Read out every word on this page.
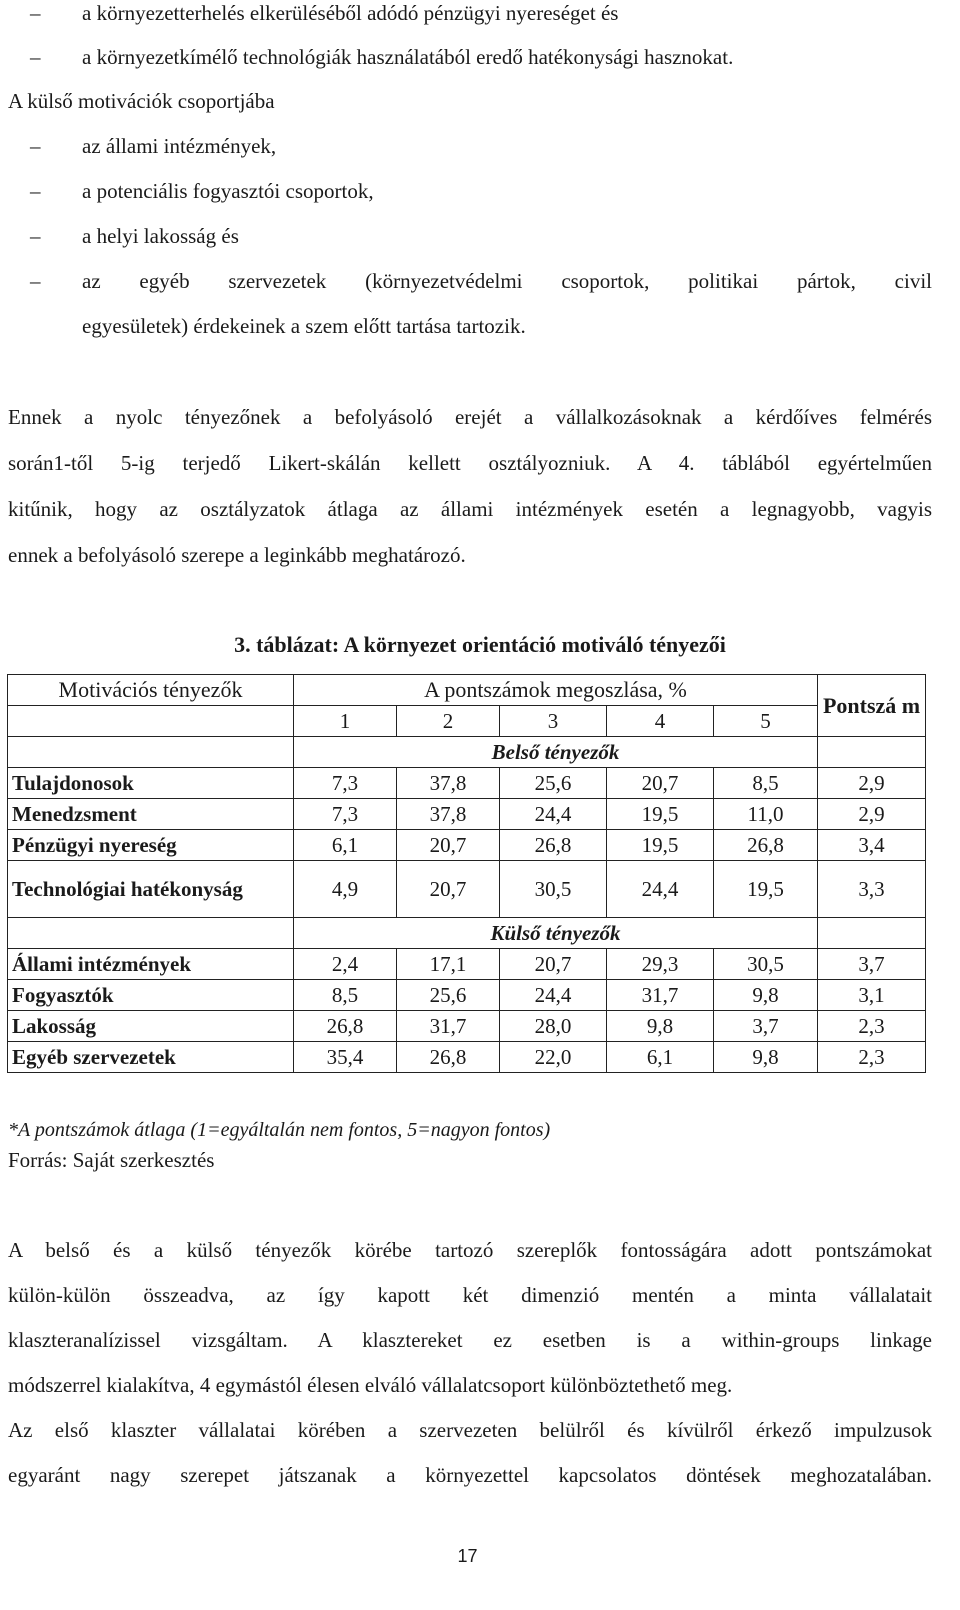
– a környezetterhelés elkerüléséből adódó pénzügyi nyereséget és
– a környezetkímélő technológiák használatából eredő hatékonysági hasznokat.
A külső motivációk csoportjába
– az állami intézmények,
– a potenciális fogyasztói csoportok,
– a helyi lakosság és
– az egyéb szervezetek (környezetvédelmi csoportok, politikai pártok, civil
egyesületek) érdekeinek a szem előtt tartása tartozik.
Ennek a nyolc tényezőnek a befolyásoló erejét a vállalkozásoknak a kérdőíves felmérés
során1-től 5-ig terjedő Likert-skálán kellett osztályozniuk. A 4. táblából egyértelműen
kitűnik, hogy az osztályzatok átlaga az állami intézmények esetén a legnagyobb, vagyis
ennek a befolyásoló szerepe a leginkább meghatározó.
3. táblázat: A környezet orientáció motiváló tényezői
Motivációs tényezők	A pontszámok megoszlása, %					Pontszá m
	1	2	3	4	5	
	Belső tényezők					
Tulajdonosok	7,3	37,8	25,6	20,7	8,5	2,9
Menedzsment	7,3	37,8	24,4	19,5	11,0	2,9
Pénzügyi nyereség	6,1	20,7	26,8	19,5	26,8	3,4
Technológiai hatékonyság	4,9	20,7	30,5	24,4	19,5	3,3
	Külső tényezők					
Állami intézmények	2,4	17,1	20,7	29,3	30,5	3,7
Fogyasztók	8,5	25,6	24,4	31,7	9,8	3,1
Lakosság	26,8	31,7	28,0	9,8	3,7	2,3
Egyéb szervezetek	35,4	26,8	22,0	6,1	9,8	2,3
*A pontszámok átlaga (1=egyáltalán nem fontos, 5=nagyon fontos)
Forrás: Saját szerkesztés
A belső és a külső tényezők körébe tartozó szereplők fontosságára adott pontszámokat
külön-külön összeadva, az így kapott két dimenzió mentén a minta vállalatait
klaszteranalízissel vizsgáltam. A klasztereket ez esetben is a within-groups linkage
módszerrel kialakítva, 4 egymástól élesen elváló vállalatcsoport különböztethető meg.
Az első klaszter vállalatai körében a szervezeten belülről és kívülről érkező impulzusok
egyaránt nagy szerepet játszanak a környezettel kapcsolatos döntések meghozatalában.
17
